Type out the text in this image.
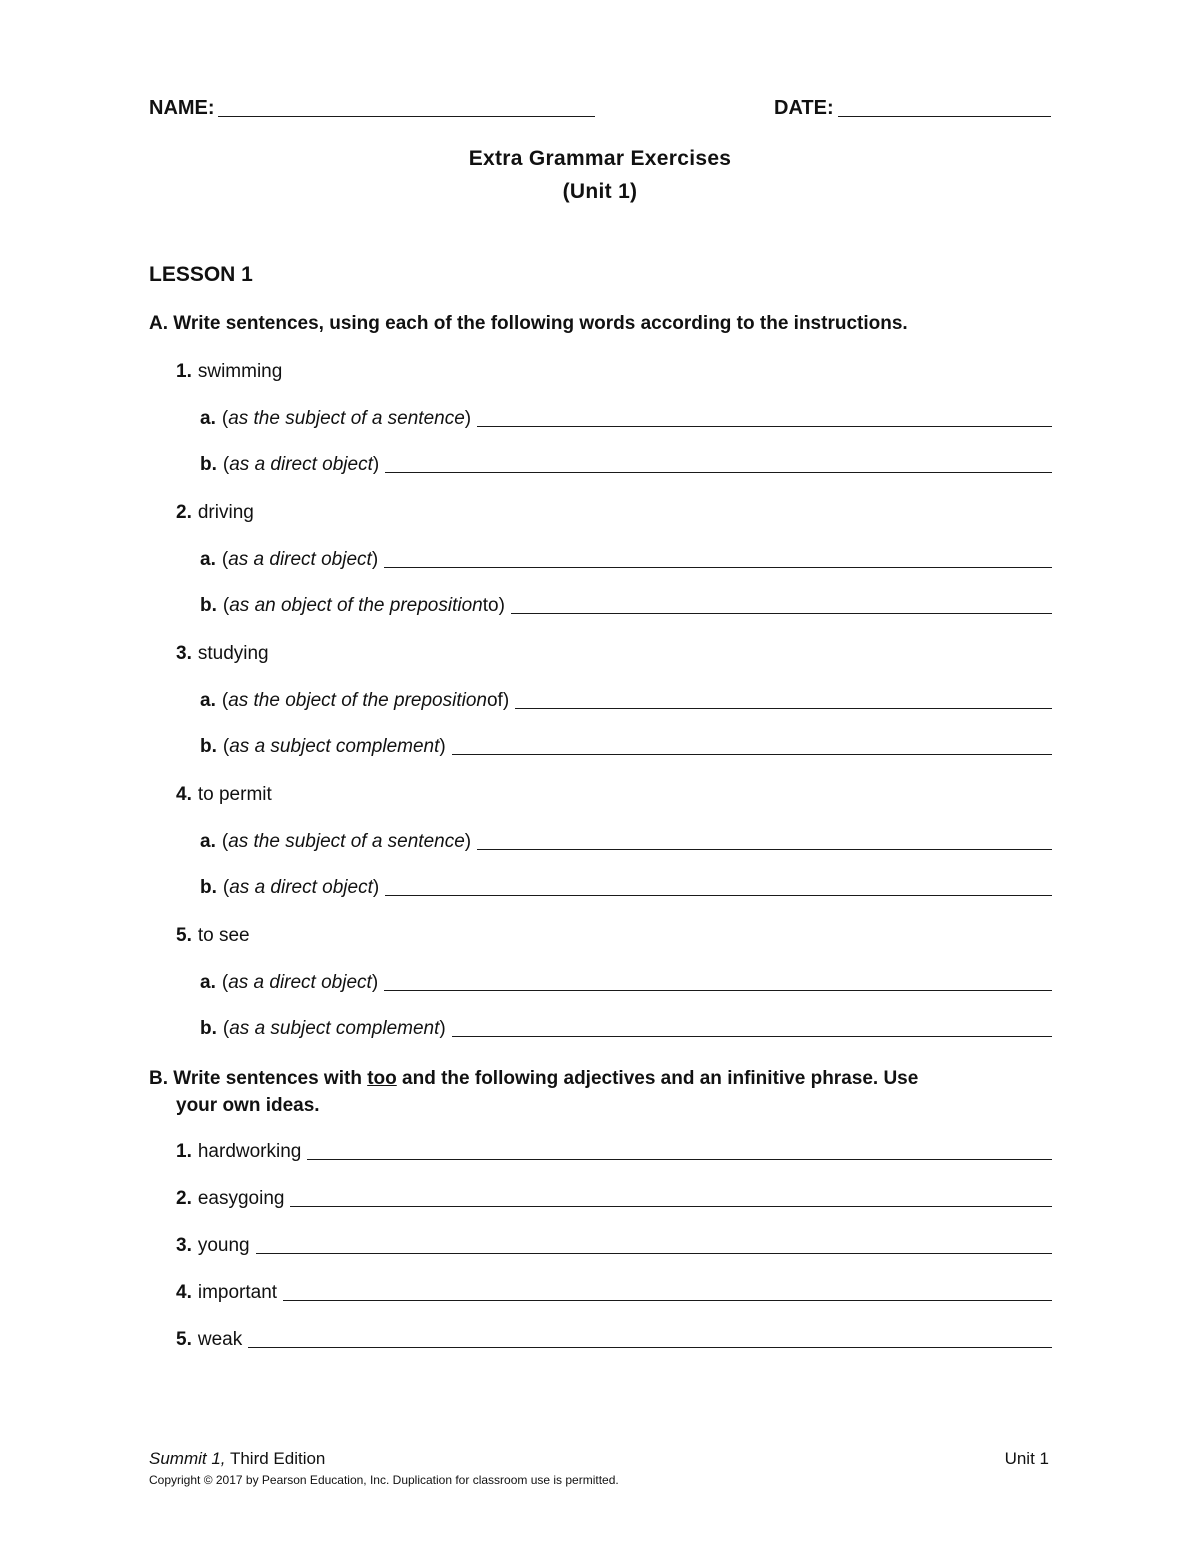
NAME:	DATE:
Extra Grammar Exercises
(Unit 1)
LESSON 1
A. Write sentences, using each of the following words according to the instructions.
1. swimming
a. ( as the subject of a sentence )
b. ( as a direct object )
2. driving
a. ( as a direct object )
b. ( as an object of the preposition to )
3. studying
a. ( as the object of the preposition of )
b. ( as a subject complement )
4. to permit
a. ( as the subject of a sentence )
b. ( as a direct object )
5. to see
a. ( as a direct object )
b. ( as a subject complement )
B. Write sentences with too and the following adjectives and an infinitive phrase. Use
your own ideas.
1. hardworking
2. easygoing
3. young
4. important
5. weak
Summit 1, Third Edition	Unit 1
Copyright © 2017 by Pearson Education, Inc. Duplication for classroom use is permitted.
